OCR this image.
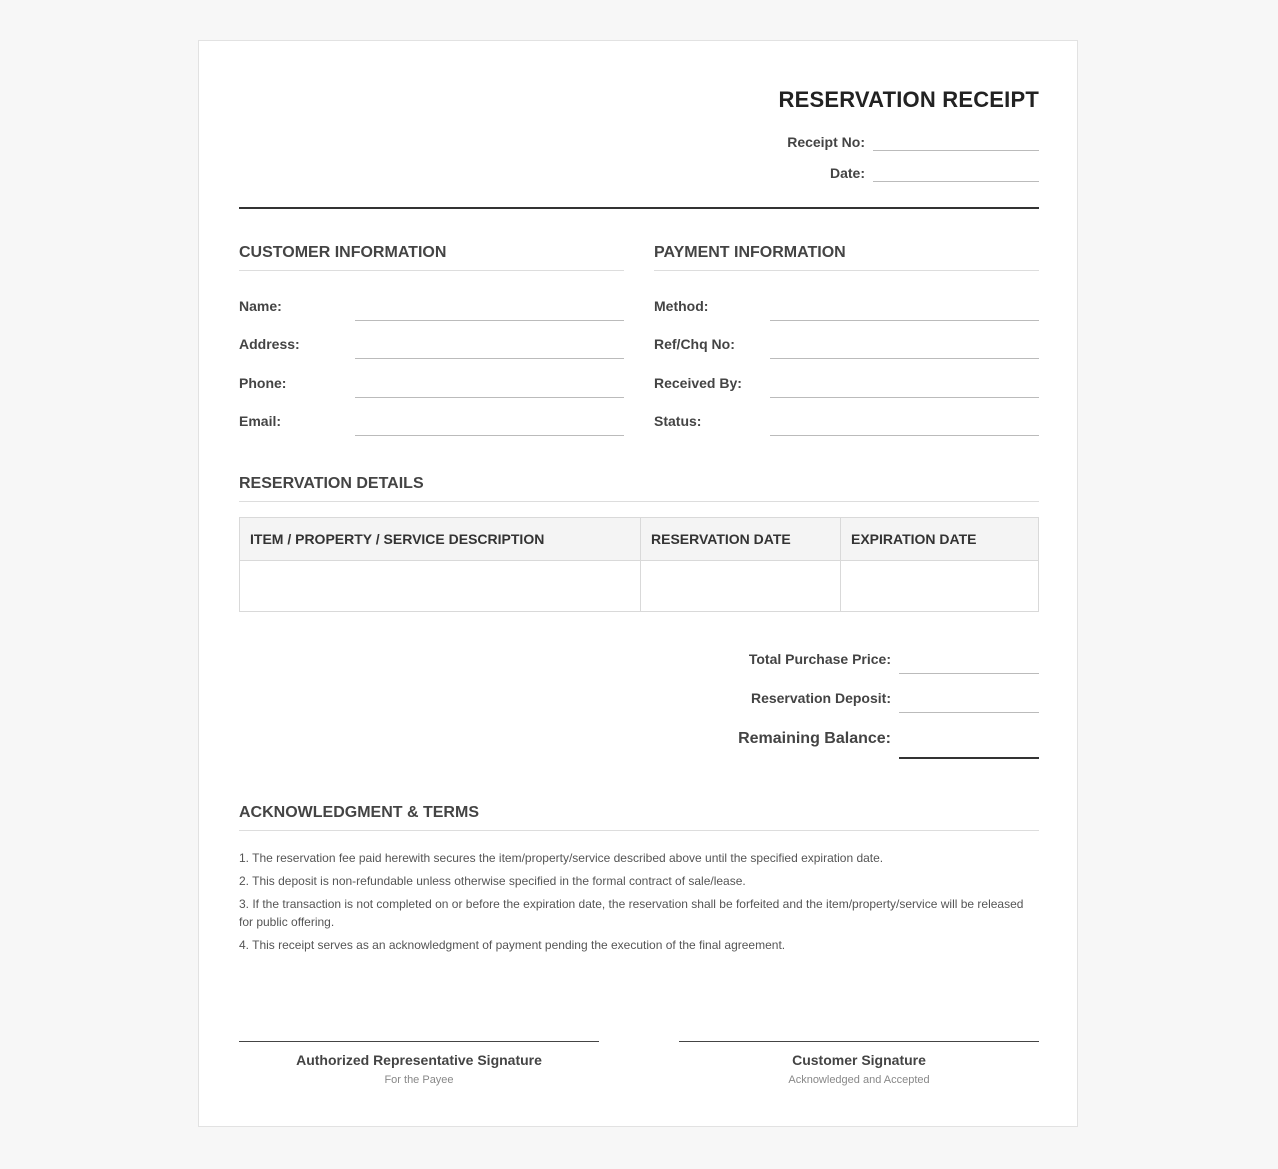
RESERVATION RECEIPT
Receipt No:
Date:
CUSTOMER INFORMATION
Name:
Address:
Phone:
Email:
PAYMENT INFORMATION
Method:
Ref/Chq No:
Received By:
Status:
RESERVATION DETAILS
ITEM / PROPERTY / SERVICE DESCRIPTION	RESERVATION DATE	EXPIRATION DATE

Total Purchase Price:
Reservation Deposit:
Remaining Balance:
ACKNOWLEDGMENT & TERMS
1. The reservation fee paid herewith secures the item/property/service described above until the specified expiration date.
2. This deposit is non-refundable unless otherwise specified in the formal contract of sale/lease.
3. If the transaction is not completed on or before the expiration date, the reservation shall be forfeited and the item/property/service will be released for public offering.
4. This receipt serves as an acknowledgment of payment pending the execution of the final agreement.
Authorized Representative Signature
For the Payee
Customer Signature
Acknowledged and Accepted
